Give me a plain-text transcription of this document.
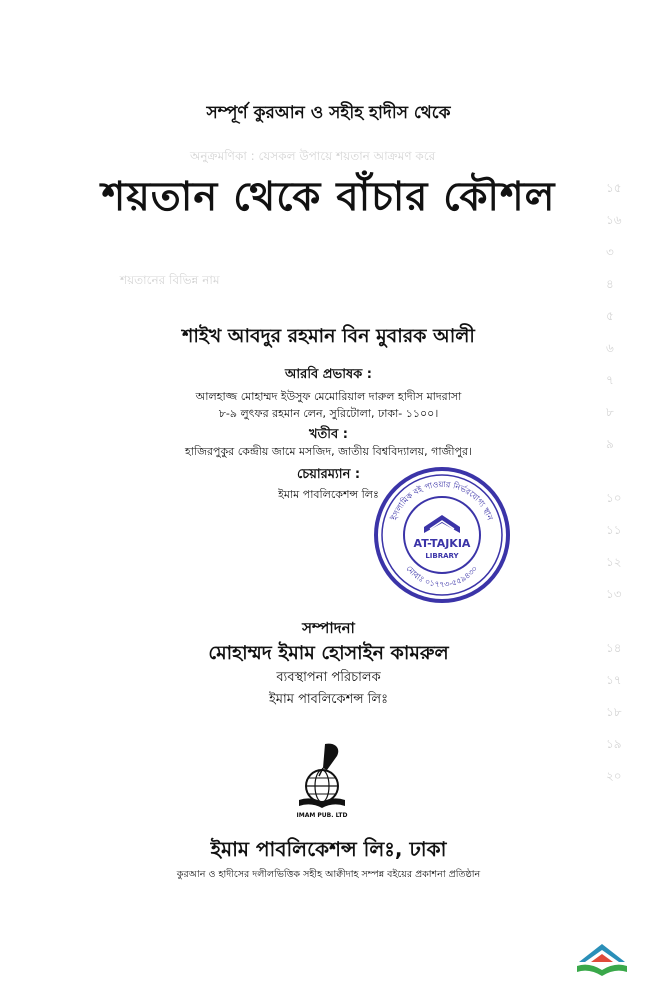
অনুক্রমণিকা : যেসকল উপায়ে শয়তান আক্রমণ করে
শয়তানের বিভিন্ন নাম
১৫
১৬
৩
৪
৫
৬
৭
৮
৯
১০
১১
১২
১৩
১৪
১৭
১৮
১৯
২০
সম্পূর্ণ কুরআন ও সহীহ হাদীস থেকে
শয়তান থেকে বাঁচার কৌশল
শাইখ আবদুর রহমান বিন মুবারক আলী
আরবি প্রভাষক :
আলহাজ্জ মোহাম্মদ ইউসুফ মেমোরিয়াল দারুল হাদীস মাদরাসা
৮-৯ লুৎফর রহমান লেন, সুরিটোলা, ঢাকা- ১১০০।
খতীব :
হাজিরপুকুর কেন্দ্রীয় জামে মসজিদ, জাতীয় বিশ্ববিদ্যালয়, গাজীপুর।
চেয়ারম্যান :
ইমাম পাবলিকেশন্স লিঃ
ইসলামিক বই পাওয়ার নির্ভরযোগ্য স্থান
মোবাঃ ০১৭৭৩-৫৫৯৪৩০
AT-TAJKIA
LIBRARY
সম্পাদনা
মোহাম্মদ ইমাম হোসাইন কামরুল
ব্যবস্থাপনা পরিচালক
ইমাম পাবলিকেশন্স লিঃ
IMAM PUB. LTD
ইমাম পাবলিকেশন্স লিঃ, ঢাকা
কুরআন ও হাদীসের দলীলভিত্তিক সহীহ আক্বীদাহ সম্পন্ন বইয়ের প্রকাশনা প্রতিষ্ঠান
